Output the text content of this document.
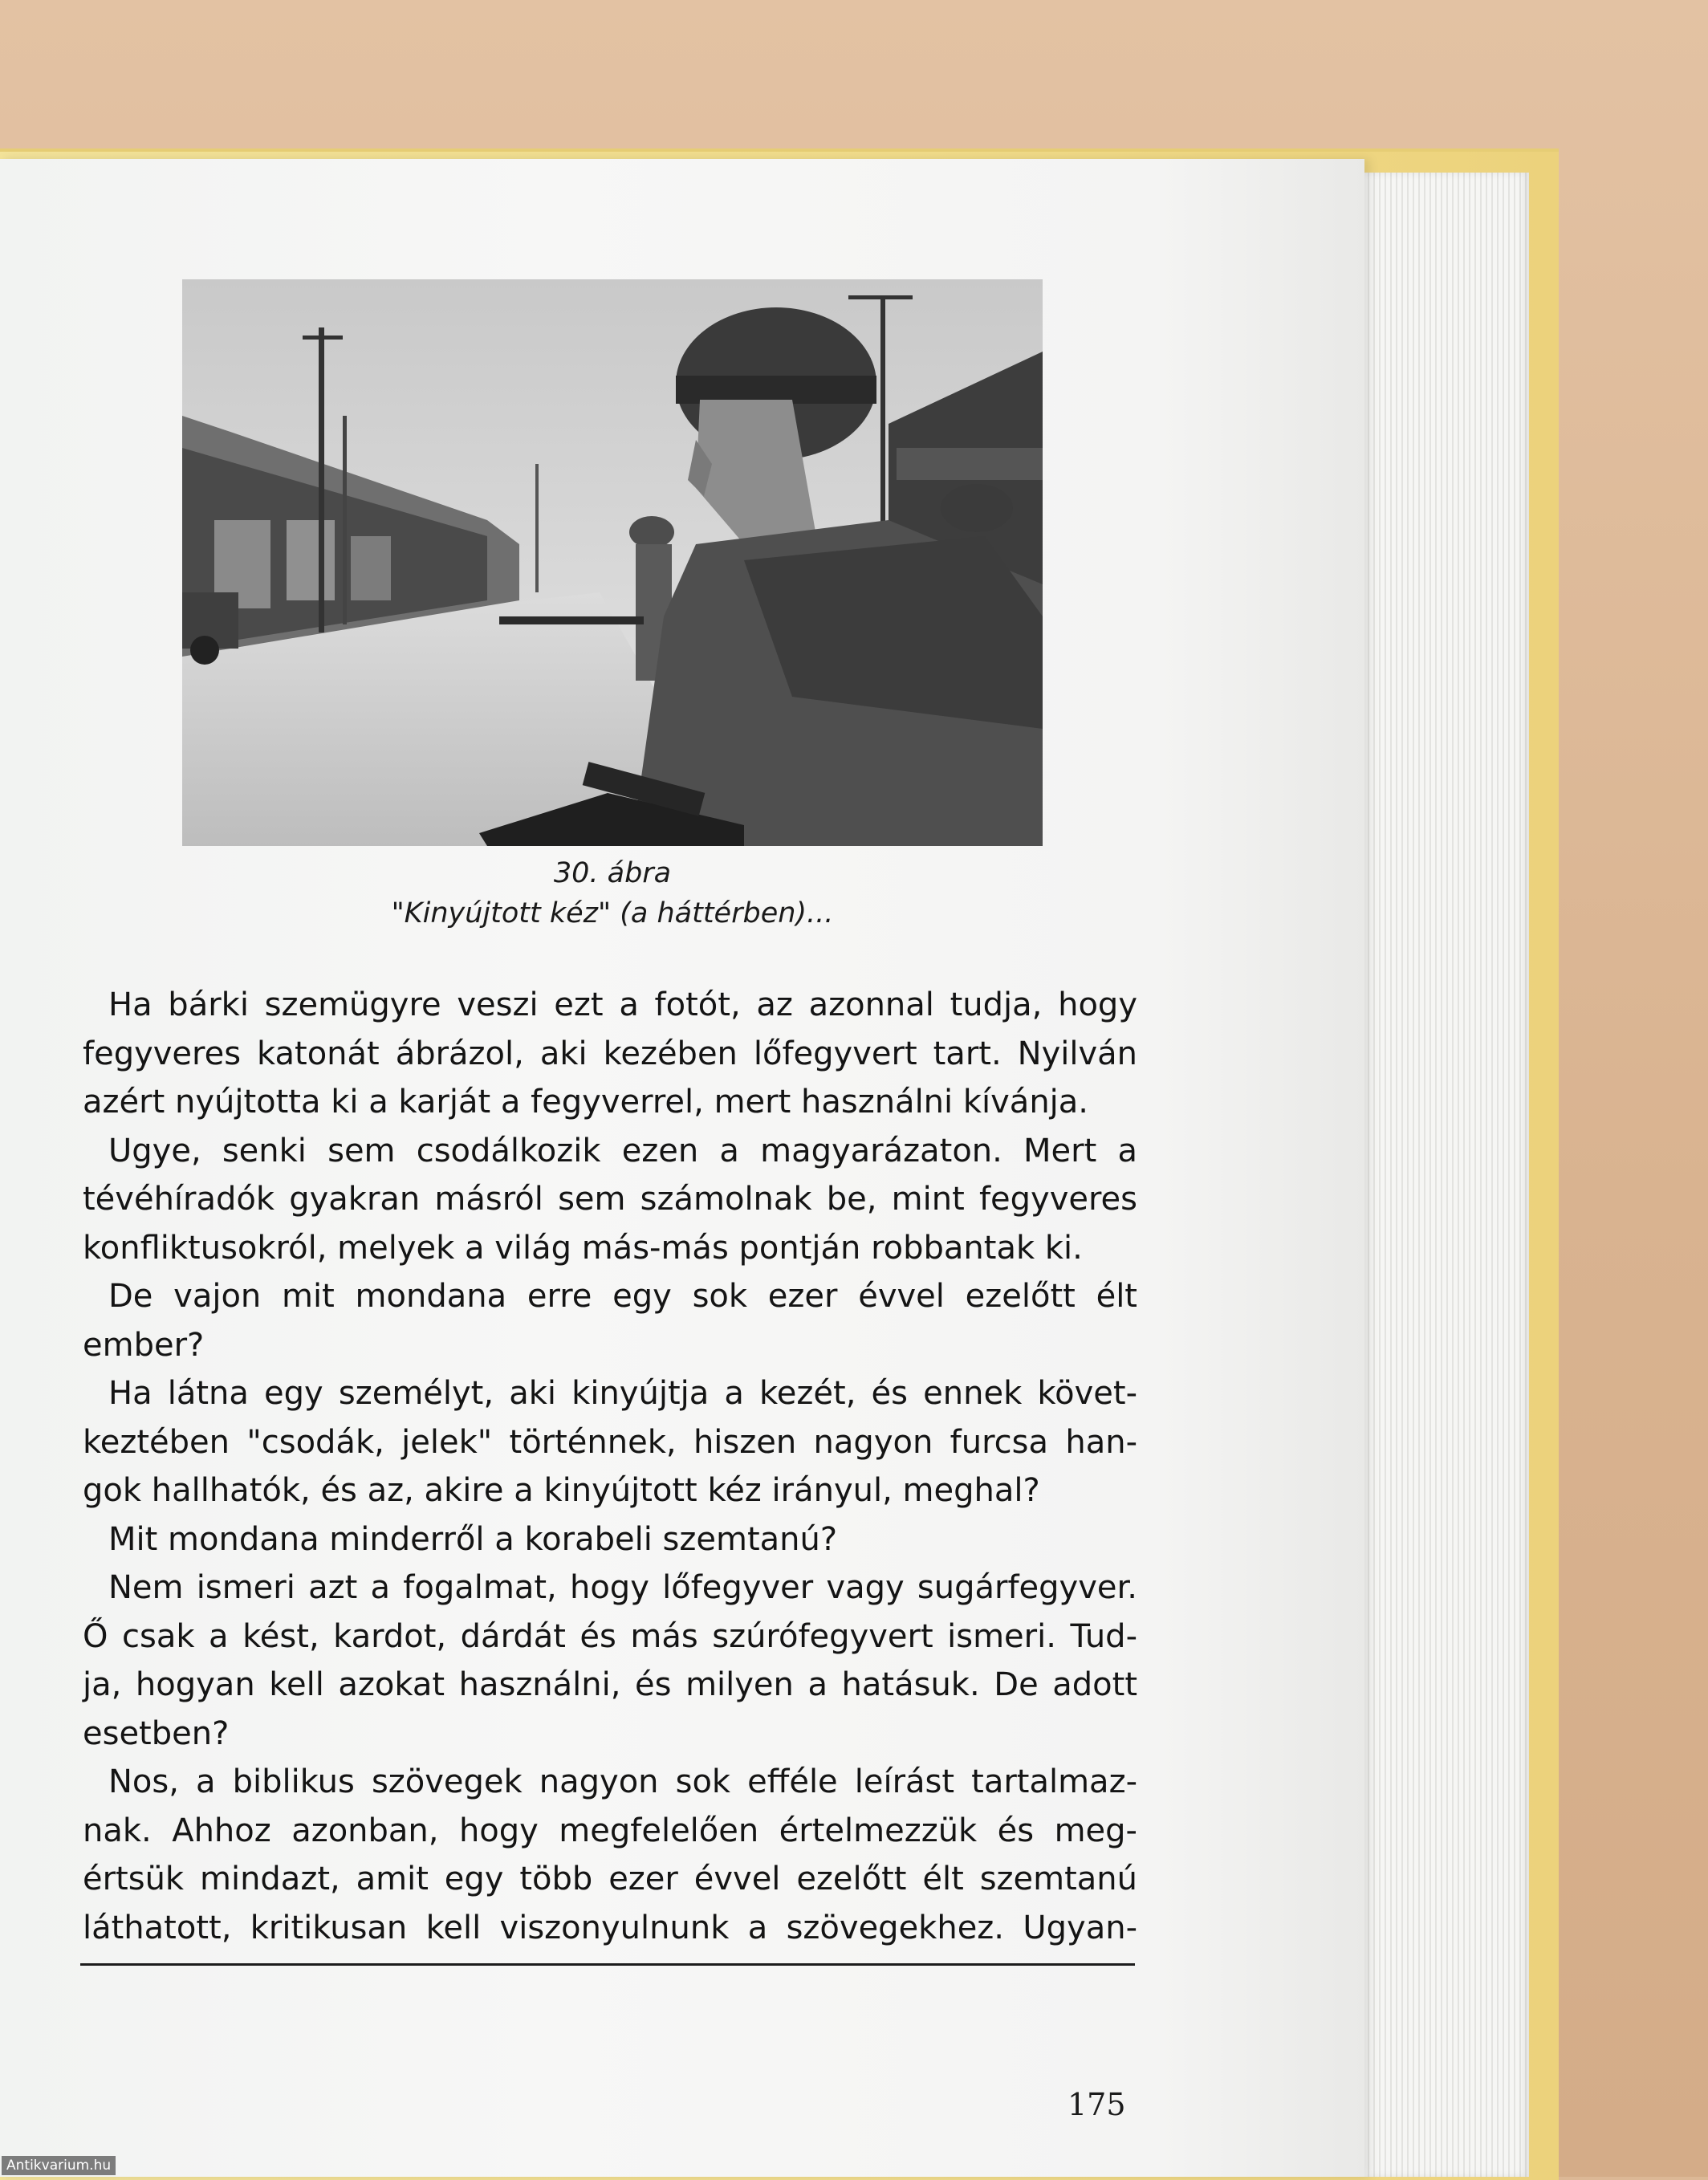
30. ábra
"Kinyújtott kéz" (a háttérben)...
Ha bárki szemügyre veszi ezt a fotót, az azonnal tudja, hogy
fegyveres katonát ábrázol, aki kezében lőfegyvert tart. Nyilván
azért nyújtotta ki a karját a fegyverrel, mert használni kívánja.
Ugye, senki sem csodálkozik ezen a magyarázaton. Mert a
tévéhíradók gyakran másról sem számolnak be, mint fegyveres
konfliktusokról, melyek a világ más-más pontján robbantak ki.
De vajon mit mondana erre egy sok ezer évvel ezelőtt élt
ember?
Ha látna egy személyt, aki kinyújtja a kezét, és ennek követ-
keztében "csodák, jelek" történnek, hiszen nagyon furcsa han-
gok hallhatók, és az, akire a kinyújtott kéz irányul, meghal?
Mit mondana minderről a korabeli szemtanú?
Nem ismeri azt a fogalmat, hogy lőfegyver vagy sugárfegyver.
Ő csak a kést, kardot, dárdát és más szúrófegyvert ismeri. Tud-
ja, hogyan kell azokat használni, és milyen a hatásuk. De adott
esetben?
Nos, a biblikus szövegek nagyon sok efféle leírást tartalmaz-
nak. Ahhoz azonban, hogy megfelelően értelmezzük és meg-
értsük mindazt, amit egy több ezer évvel ezelőtt élt szemtanú
láthatott, kritikusan kell viszonyulnunk a szövegekhez. Ugyan-
175
Antikvarium.hu
